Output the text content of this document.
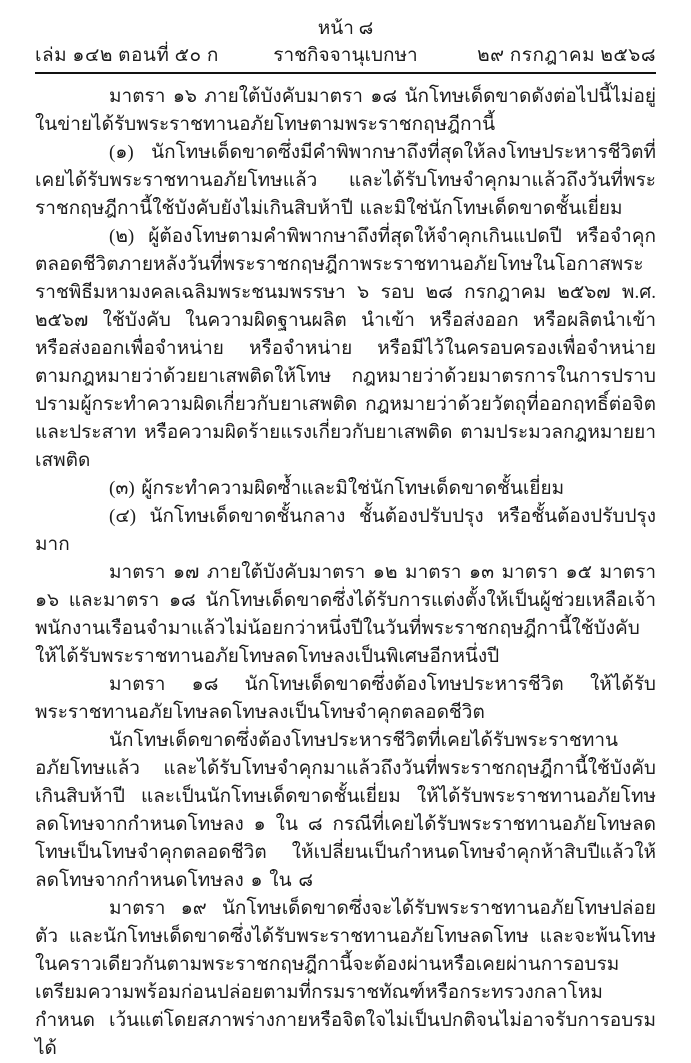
หน้า ๘
เล่ม ๑๔๒ ตอนที่ ๕๐ ก	ราชกิจจานุเบกษา	๒๙ กรกฎาคม ๒๕๖๘

มาตรา ๑๖ ภายใต้บังคับมาตรา ๑๘ นักโทษเด็ดขาดดังต่อไปนี้ไม่อยู่ในข่ายได้รับพระราชทานอภัยโทษตามพระราชกฤษฎีกานี้

(๑) นักโทษเด็ดขาดซึ่งมีคำพิพากษาถึงที่สุดให้ลงโทษประหารชีวิตที่เคยได้รับพระราชทานอภัยโทษแล้ว และได้รับโทษจำคุกมาแล้วถึงวันที่พระราชกฤษฎีกานี้ใช้บังคับยังไม่เกินสิบห้าปี และมิใช่นักโทษเด็ดขาดชั้นเยี่ยม

(๒) ผู้ต้องโทษตามคำพิพากษาถึงที่สุดให้จำคุกเกินแปดปี หรือจำคุกตลอดชีวิตภายหลังวันที่พระราชกฤษฎีกาพระราชทานอภัยโทษในโอกาสพระราชพิธีมหามงคลเฉลิมพระชนมพรรษา ๖ รอบ ๒๘ กรกฎาคม ๒๕๖๗ พ.ศ. ๒๕๖๗ ใช้บังคับ ในความผิดฐานผลิต นำเข้า หรือส่งออก หรือผลิตนำเข้า หรือส่งออกเพื่อจำหน่าย หรือจำหน่าย หรือมีไว้ในครอบครองเพื่อจำหน่าย ตามกฎหมายว่าด้วยยาเสพติดให้โทษ กฎหมายว่าด้วยมาตรการในการปราบปรามผู้กระทำความผิดเกี่ยวกับยาเสพติด กฎหมายว่าด้วยวัตถุที่ออกฤทธิ์ต่อจิตและประสาท หรือความผิดร้ายแรงเกี่ยวกับยาเสพติด ตามประมวลกฎหมายยาเสพติด

(๓) ผู้กระทำความผิดซ้ำและมิใช่นักโทษเด็ดขาดชั้นเยี่ยม

(๔) นักโทษเด็ดขาดชั้นกลาง ชั้นต้องปรับปรุง หรือชั้นต้องปรับปรุงมาก

มาตรา ๑๗ ภายใต้บังคับมาตรา ๑๒ มาตรา ๑๓ มาตรา ๑๕ มาตรา ๑๖ และมาตรา ๑๘ นักโทษเด็ดขาดซึ่งได้รับการแต่งตั้งให้เป็นผู้ช่วยเหลือเจ้าพนักงานเรือนจำมาแล้วไม่น้อยกว่าหนึ่งปีในวันที่พระราชกฤษฎีกานี้ใช้บังคับ ให้ได้รับพระราชทานอภัยโทษลดโทษลงเป็นพิเศษอีกหนึ่งปี

มาตรา ๑๘ นักโทษเด็ดขาดซึ่งต้องโทษประหารชีวิต ให้ได้รับพระราชทานอภัยโทษลดโทษลงเป็นโทษจำคุกตลอดชีวิต

นักโทษเด็ดขาดซึ่งต้องโทษประหารชีวิตที่เคยได้รับพระราชทานอภัยโทษแล้ว และได้รับโทษจำคุกมาแล้วถึงวันที่พระราชกฤษฎีกานี้ใช้บังคับเกินสิบห้าปี และเป็นนักโทษเด็ดขาดชั้นเยี่ยม ให้ได้รับพระราชทานอภัยโทษลดโทษจากกำหนดโทษลง ๑ ใน ๘ กรณีที่เคยได้รับพระราชทานอภัยโทษลดโทษเป็นโทษจำคุกตลอดชีวิต ให้เปลี่ยนเป็นกำหนดโทษจำคุกห้าสิบปีแล้วให้ลดโทษจากกำหนดโทษลง ๑ ใน ๘

มาตรา ๑๙ นักโทษเด็ดขาดซึ่งจะได้รับพระราชทานอภัยโทษปล่อยตัว และนักโทษเด็ดขาดซึ่งได้รับพระราชทานอภัยโทษลดโทษ และจะพ้นโทษในคราวเดียวกันตามพระราชกฤษฎีกานี้จะต้องผ่านหรือเคยผ่านการอบรมเตรียมความพร้อมก่อนปล่อยตามที่กรมราชทัณฑ์หรือกระทรวงกลาโหมกำหนด เว้นแต่โดยสภาพร่างกายหรือจิตใจไม่เป็นปกติจนไม่อาจรับการอบรมได้
